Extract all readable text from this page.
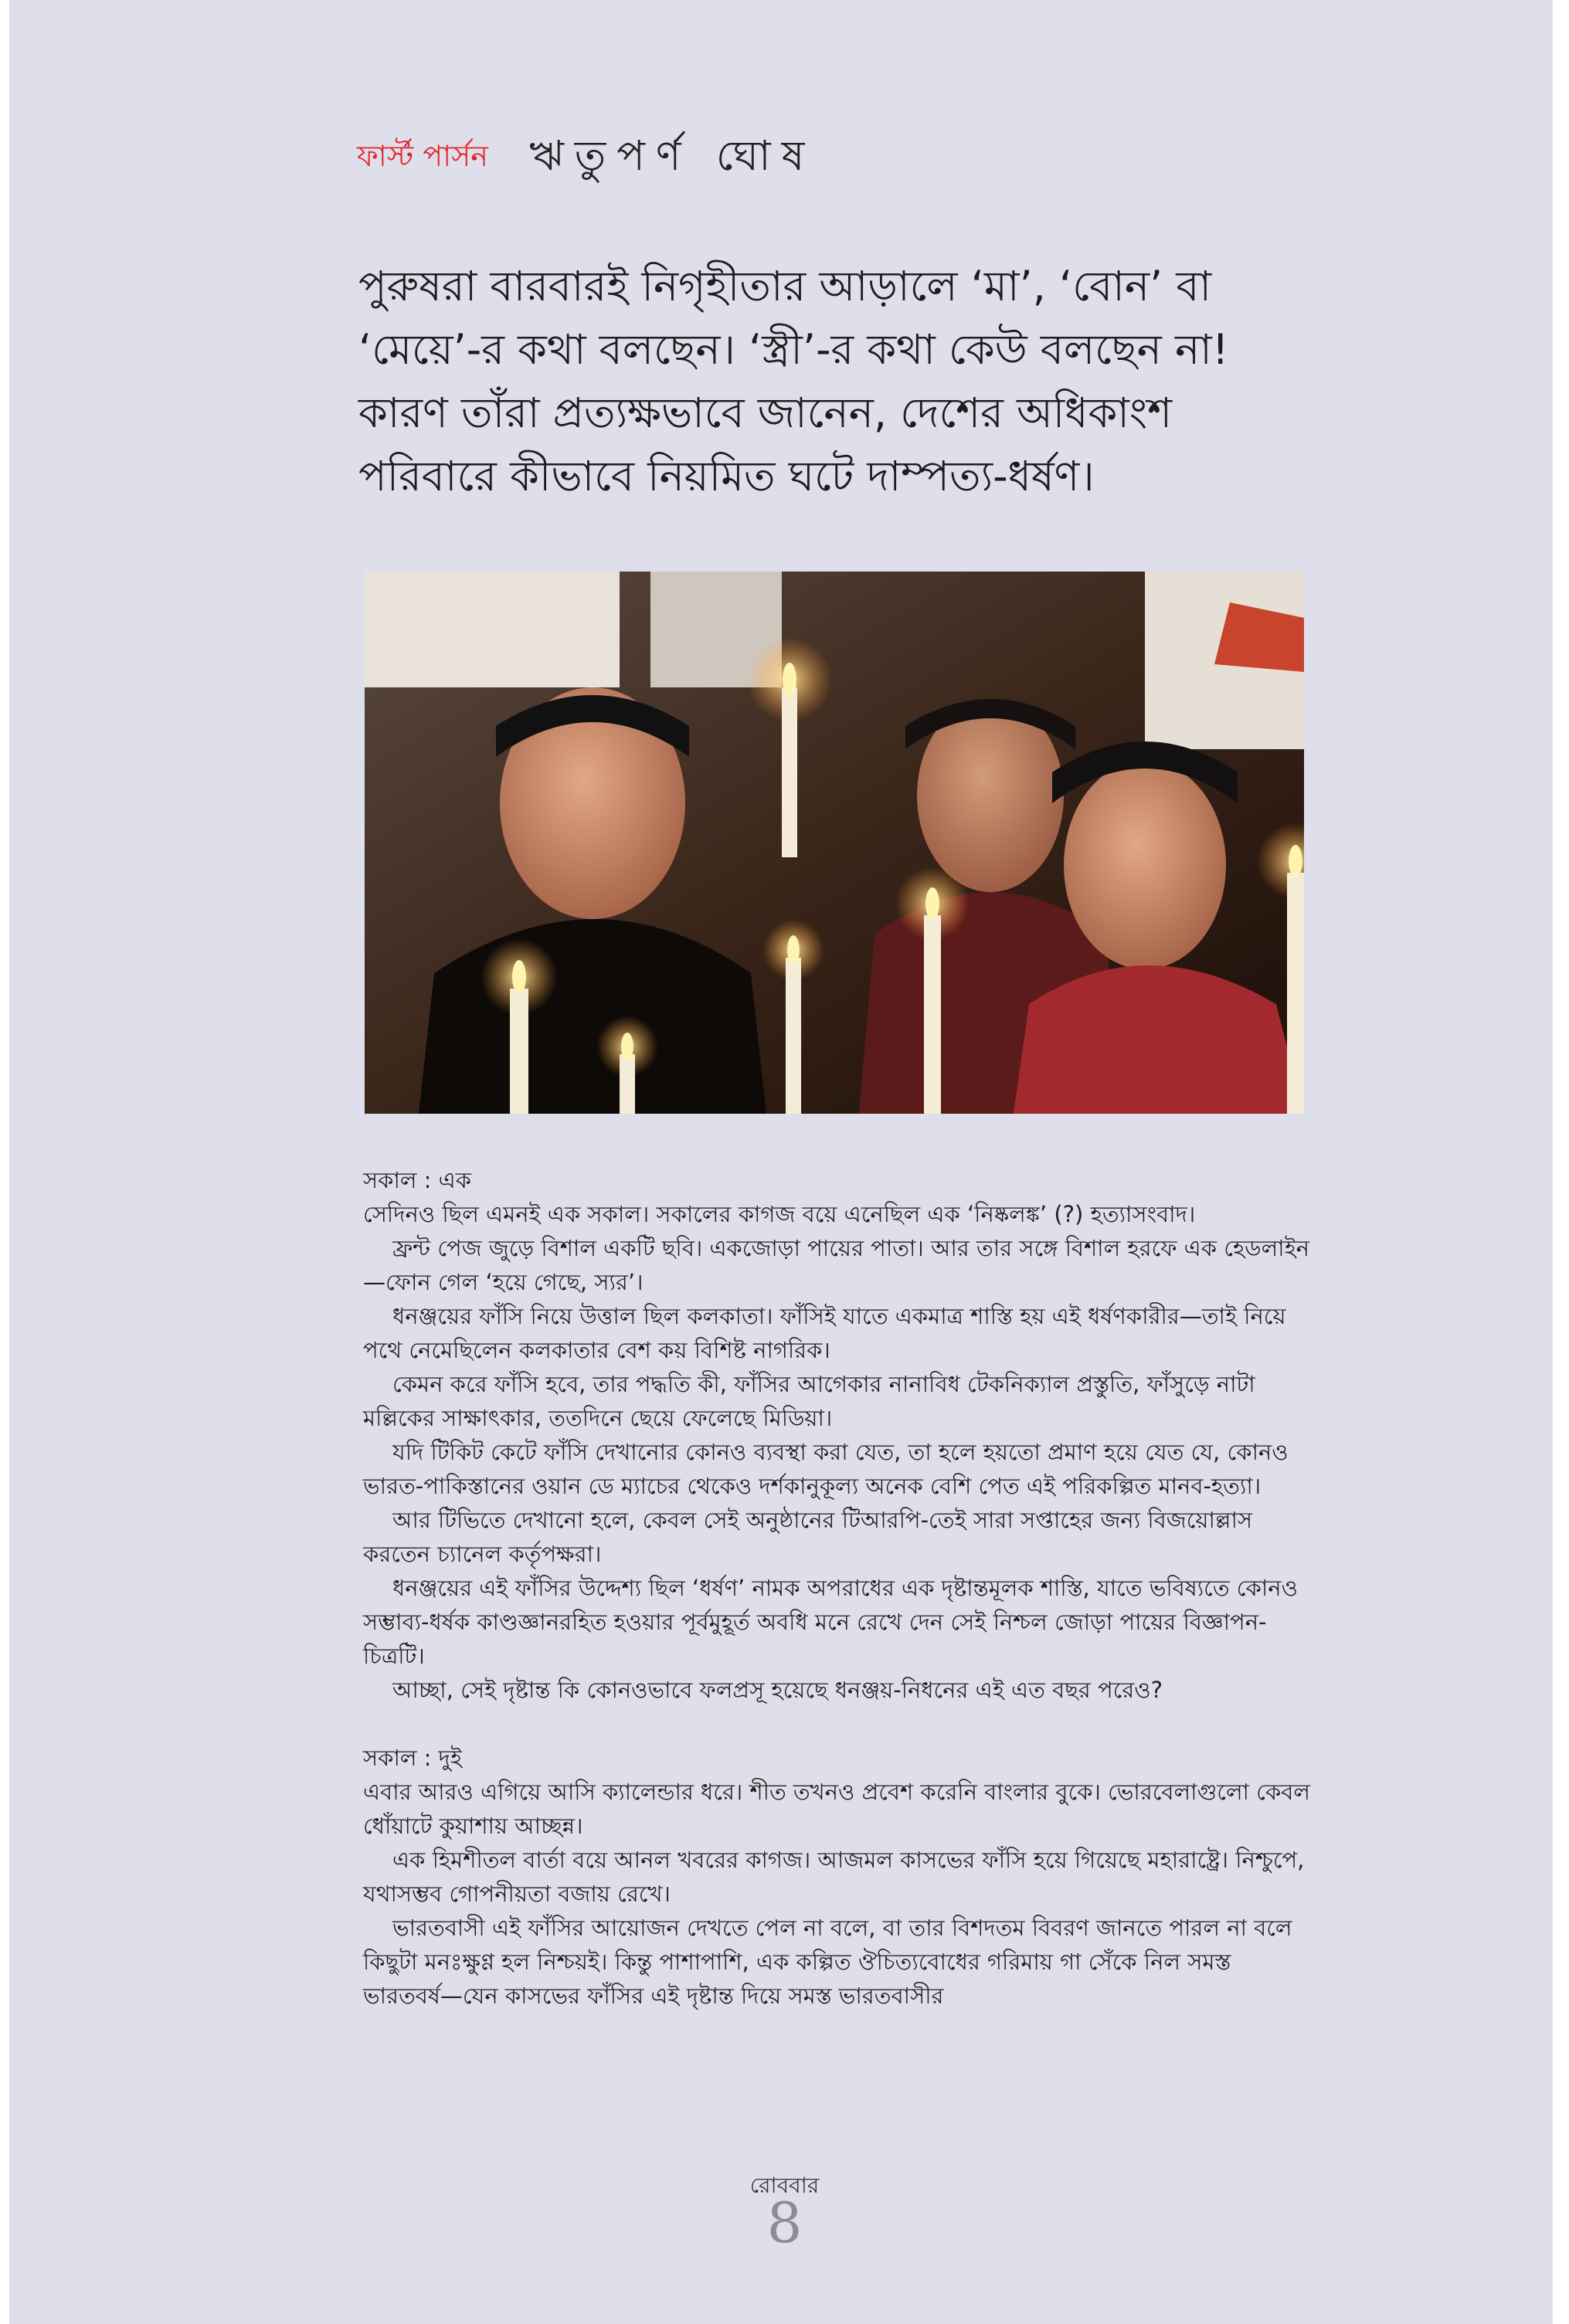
ফার্স্ট পার্সন ঋতুপর্ণ ঘোষ

পুরুষরা বারবারই নিগৃহীতার আড়ালে ‘মা’, ‘বোন’ বা

‘মেয়ে’-র কথা বলছেন। ‘স্ত্রী’-র কথা কেউ বলছেন না!

কারণ তাঁরা প্রত্যক্ষভাবে জানেন, দেশের অধিকাংশ

পরিবারে কীভাবে নিয়মিত ঘটে দাম্পত্য-ধর্ষণ।

সকাল : এক

সেদিনও ছিল এমনই এক সকাল। সকালের কাগজ বয়ে এনেছিল এক ‘নিষ্কলঙ্ক’ (?) হত্যাসংবাদ।

ফ্রন্ট পেজ জুড়ে বিশাল একটি ছবি। একজোড়া পায়ের পাতা। আর তার সঙ্গে বিশাল হরফে এক হেডলাইন—ফোন গেল ‘হয়ে গেছে, স্যর’।

ধনঞ্জয়ের ফাঁসি নিয়ে উত্তাল ছিল কলকাতা। ফাঁসিই যাতে একমাত্র শাস্তি হয় এই ধর্ষণকারীর—তাই নিয়ে পথে নেমেছিলেন কলকাতার বেশ কয় বিশিষ্ট নাগরিক।

কেমন করে ফাঁসি হবে, তার পদ্ধতি কী, ফাঁসির আগেকার নানাবিধ টেকনিক্যাল প্রস্তুতি, ফাঁসুড়ে নাটা মল্লিকের সাক্ষাৎকার, ততদিনে ছেয়ে ফেলেছে মিডিয়া।

যদি টিকিট কেটে ফাঁসি দেখানোর কোনও ব্যবস্থা করা যেত, তা হলে হয়তো প্রমাণ হয়ে যেত যে, কোনও ভারত-পাকিস্তানের ওয়ান ডে ম্যাচের থেকেও দর্শকানুকূল্য অনেক বেশি পেত এই পরিকল্পিত মানব-হত্যা।

আর টিভিতে দেখানো হলে, কেবল সেই অনুষ্ঠানের টিআরপি-তেই সারা সপ্তাহের জন্য বিজয়োল্লাস করতেন চ্যানেল কর্তৃপক্ষরা।

ধনঞ্জয়ের এই ফাঁসির উদ্দেশ্য ছিল ‘ধর্ষণ’ নামক অপরাধের এক দৃষ্টান্তমূলক শাস্তি, যাতে ভবিষ্যতে কোনও সম্ভাব্য-ধর্ষক কাণ্ডজ্ঞানরহিত হওয়ার পূর্বমুহূর্ত অবধি মনে রেখে দেন সেই নিশ্চল জোড়া পায়ের বিজ্ঞাপন-চিত্রটি।

আচ্ছা, সেই দৃষ্টান্ত কি কোনওভাবে ফলপ্রসূ হয়েছে ধনঞ্জয়-নিধনের এই এত বছর পরেও?

সকাল : দুই

এবার আরও এগিয়ে আসি ক্যালেন্ডার ধরে। শীত তখনও প্রবেশ করেনি বাংলার বুকে। ভোরবেলাগুলো কেবল ধোঁয়াটে কুয়াশায় আচ্ছন্ন।

এক হিমশীতল বার্তা বয়ে আনল খবরের কাগজ। আজমল কাসভের ফাঁসি হয়ে গিয়েছে মহারাষ্ট্রে। নিশ্চুপে, যথাসম্ভব গোপনীয়তা বজায় রেখে।

ভারতবাসী এই ফাঁসির আয়োজন দেখতে পেল না বলে, বা তার বিশদতম বিবরণ জানতে পারল না বলে কিছুটা মনঃক্ষুণ্ণ হল নিশ্চয়ই। কিন্তু পাশাপাশি, এক কল্পিত ঔচিত্যবোধের গরিমায় গা সেঁকে নিল সমস্ত ভারতবর্ষ—যেন কাসভের ফাঁসির এই দৃষ্টান্ত দিয়ে সমস্ত ভারতবাসীর

রোববার
8
